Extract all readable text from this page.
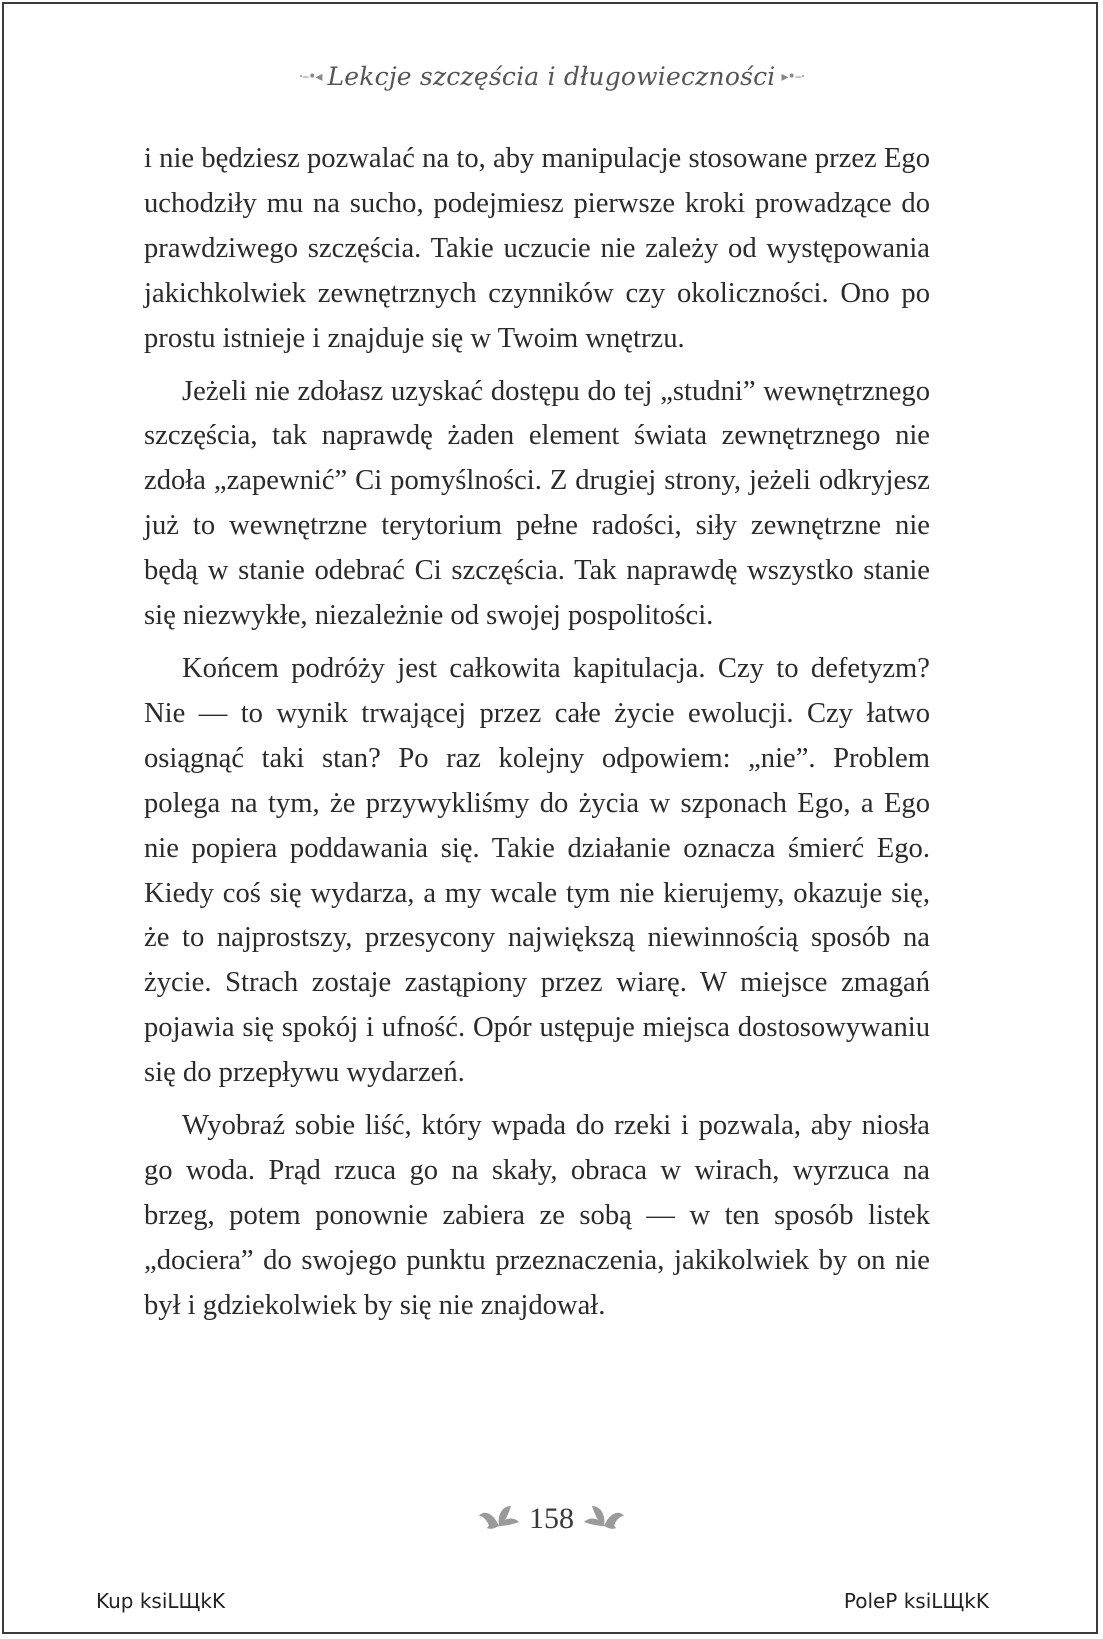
·–•◂ Lekcje szczęścia i długowieczności ▸•–·

i nie będziesz pozwalać na to, aby manipulacje stosowane przez Ego uchodziły mu na sucho, podejmiesz pierwsze kroki prowadzące do prawdziwego szczęścia. Takie uczucie nie zależy od występowania jakichkolwiek zewnętrznych czynników czy okoliczności. Ono po prostu istnieje i znajduje się w Twoim wnętrzu.

Jeżeli nie zdołasz uzyskać dostępu do tej „studni” wewnętrznego szczęścia, tak naprawdę żaden element świata zewnętrznego nie zdoła „zapewnić” Ci pomyślności. Z drugiej strony, jeżeli odkryjesz już to wewnętrzne terytorium pełne radości, siły zewnętrzne nie będą w stanie odebrać Ci szczęścia. Tak naprawdę wszystko stanie się niezwykłe, niezależnie od swojej pospolitości.

Końcem podróży jest całkowita kapitulacja. Czy to defetyzm? Nie — to wynik trwającej przez całe życie ewolucji. Czy łatwo osiągnąć taki stan? Po raz kolejny odpowiem: „nie”. Problem polega na tym, że przywykliśmy do życia w szponach Ego, a Ego nie popiera poddawania się. Takie działanie oznacza śmierć Ego. Kiedy coś się wydarza, a my wcale tym nie kierujemy, okazuje się, że to najprostszy, przesycony największą niewinnością sposób na życie. Strach zostaje zastąpiony przez wiarę. W miejsce zmagań pojawia się spokój i ufność. Opór ustępuje miejsca dostosowywaniu się do przepływu wydarzeń.

Wyobraź sobie liść, który wpada do rzeki i pozwala, aby niosła go woda. Prąd rzuca go na skały, obraca w wirach, wyrzuca na brzeg, potem ponownie zabiera ze sobą — w ten sposób listek „dociera” do swojego punktu przeznaczenia, jakikolwiek by on nie był i gdziekolwiek by się nie znajdował.

158
Kup ksiLЩkK	PoleP ksiLЩkK
